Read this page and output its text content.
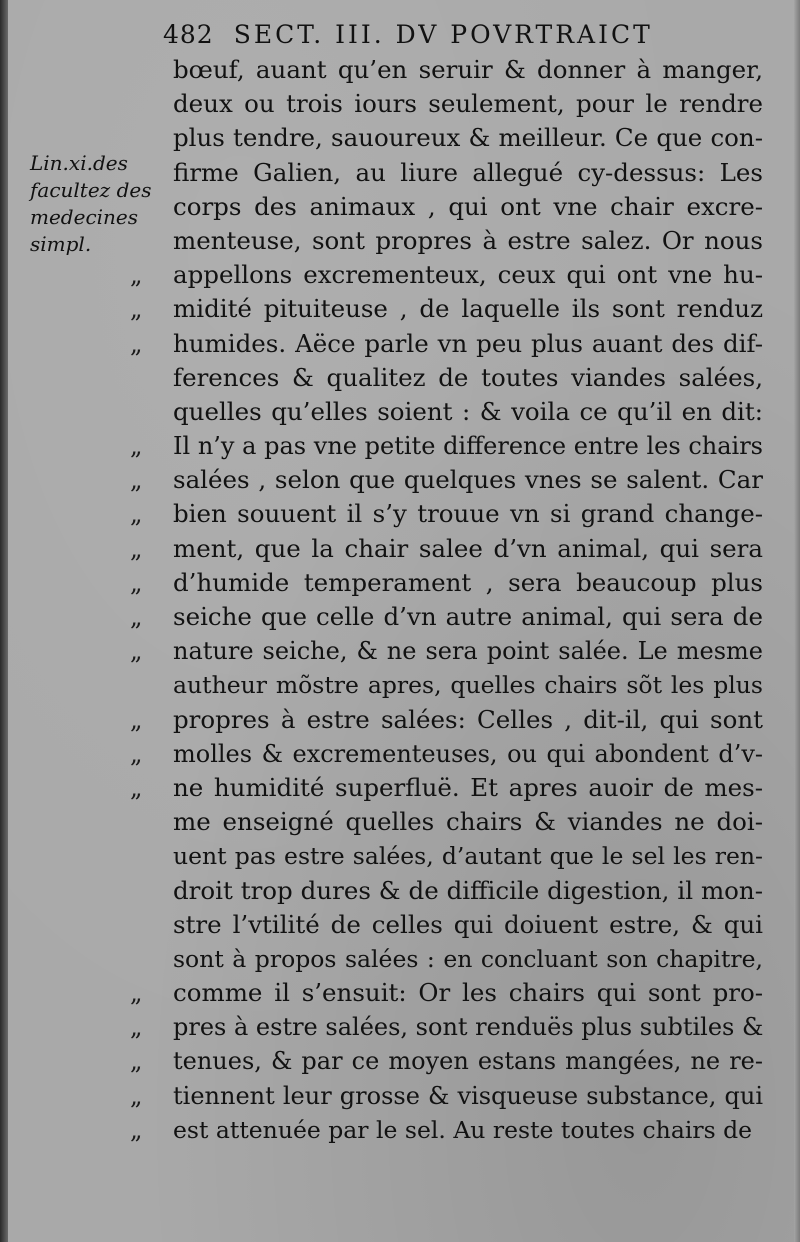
482 SECT. III. DV POVRTRAICT
Lin.xi.des
facultez des
medecines
simpl.
bœuf, auant qu’en seruir & donner à manger,
deux ou trois iours seulement, pour le rendre
plus tendre, sauoureux & meilleur. Ce que con-
firme Galien, au liure allegué cy-dessus: Les
corps des animaux , qui ont vne chair excre-
menteuse, sont propres à estre salez. Or nous
„	appellons excrementeux, ceux qui ont vne hu-
„	midité pituiteuse , de laquelle ils sont renduz
„	humides. Aëce parle vn peu plus auant des dif-
ferences & qualitez de toutes viandes salées,
quelles qu’elles soient : & voila ce qu’il en dit:
„	Il n’y a pas vne petite difference entre les chairs
„	salées , selon que quelques vnes se salent. Car
„	bien souuent il s’y trouue vn si grand change-
„	ment, que la chair salee d’vn animal, qui sera
„	d’humide temperament , sera beaucoup plus
„	seiche que celle d’vn autre animal, qui sera de
„	nature seiche, & ne sera point salée. Le mesme
autheur mõstre apres, quelles chairs sõt les plus
„	propres à estre salées: Celles , dit-il, qui sont
„	molles & excrementeuses, ou qui abondent d’v-
„	ne humidité superfluë. Et apres auoir de mes-
me enseigné quelles chairs & viandes ne doi-
uent pas estre salées, d’autant que le sel les ren-
droit trop dures & de difficile digestion, il mon-
stre l’vtilité de celles qui doiuent estre, & qui
sont à propos salées : en concluant son chapitre,
„	comme il s’ensuit: Or les chairs qui sont pro-
„	pres à estre salées, sont renduës plus subtiles &
„	tenues, & par ce moyen estans mangées, ne re-
„	tiennent leur grosse & visqueuse substance, qui
„	est attenuée par le sel. Au reste toutes chairs de
